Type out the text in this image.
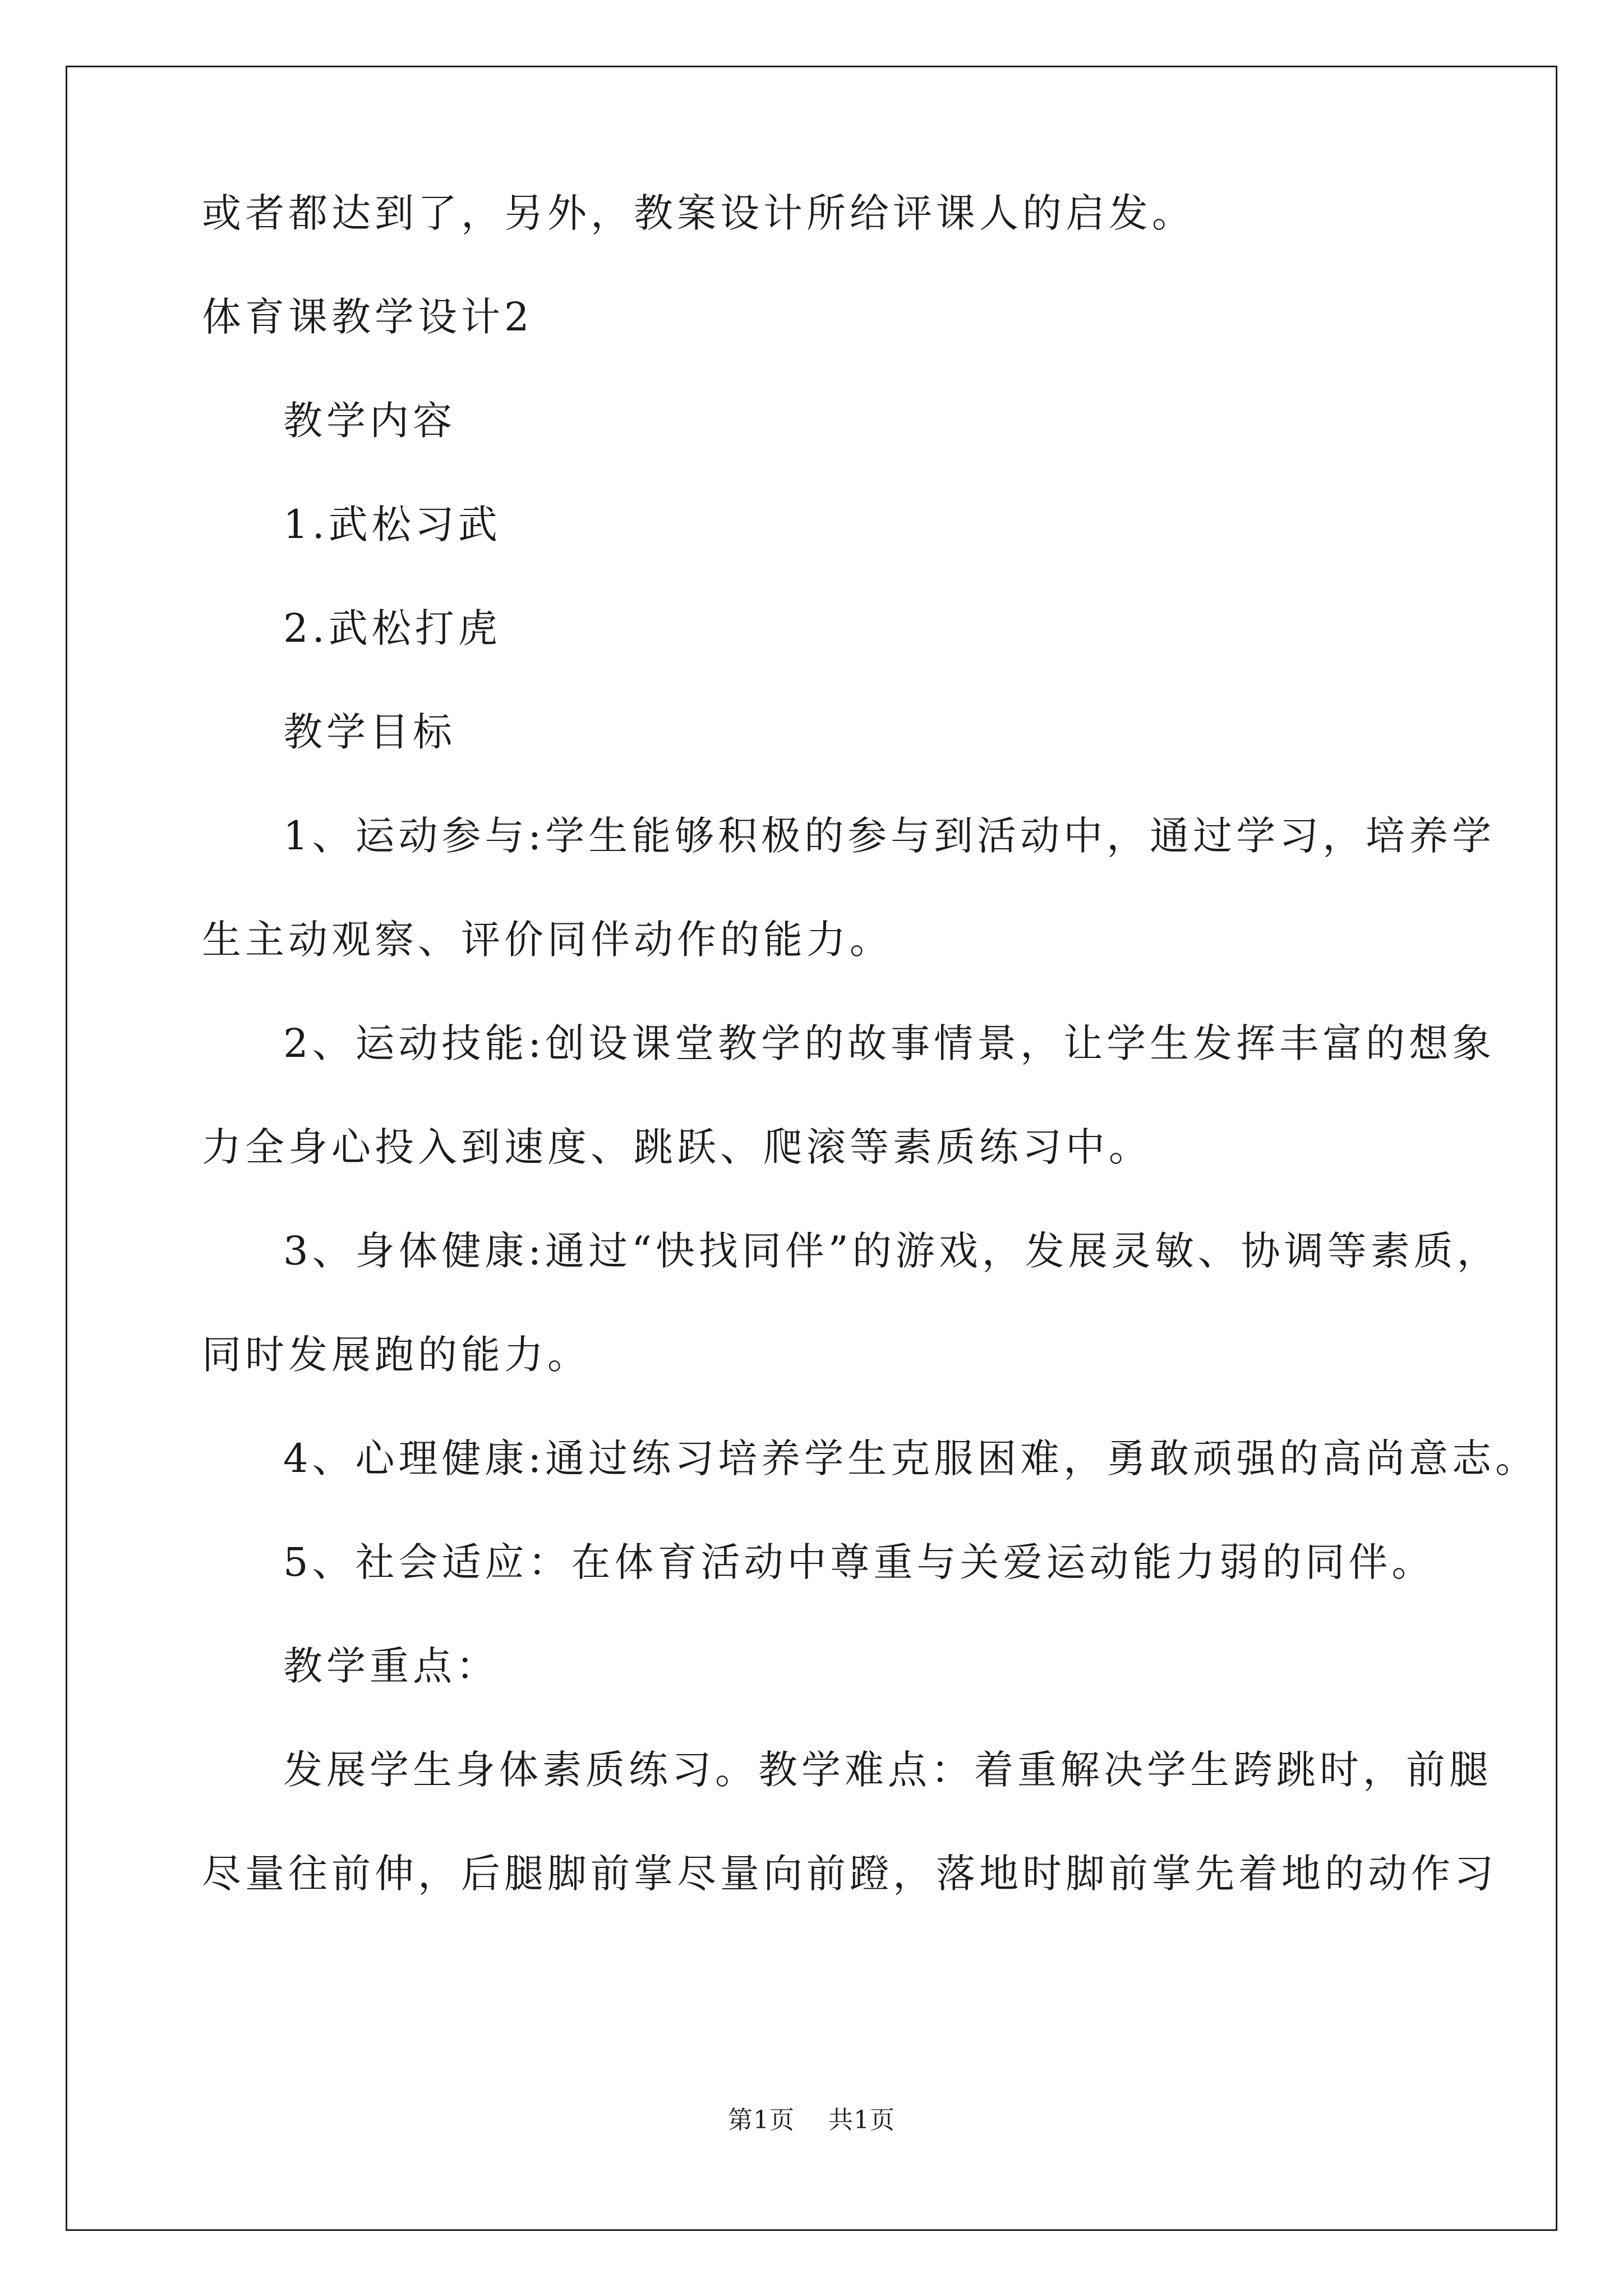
或者都达到了，另外，教案设计所给评课人的启发。
体育课教学设计2
教学内容
1.武松习武
2.武松打虎
教学目标
1、运动参与:学生能够积极的参与到活动中，通过学习，培养学
生主动观察、评价同伴动作的能力。
2、运动技能:创设课堂教学的故事情景，让学生发挥丰富的想象
力全身心投入到速度、跳跃、爬滚等素质练习中。
3、身体健康:通过“快找同伴”的游戏，发展灵敏、协调等素质，
同时发展跑的能力。
4、心理健康:通过练习培养学生克服困难，勇敢顽强的高尚意志。
5、社会适应：在体育活动中尊重与关爱运动能力弱的同伴。
教学重点：
发展学生身体素质练习。教学难点：着重解决学生跨跳时，前腿
尽量往前伸，后腿脚前掌尽量向前蹬，落地时脚前掌先着地的动作习
第1页 共1页
